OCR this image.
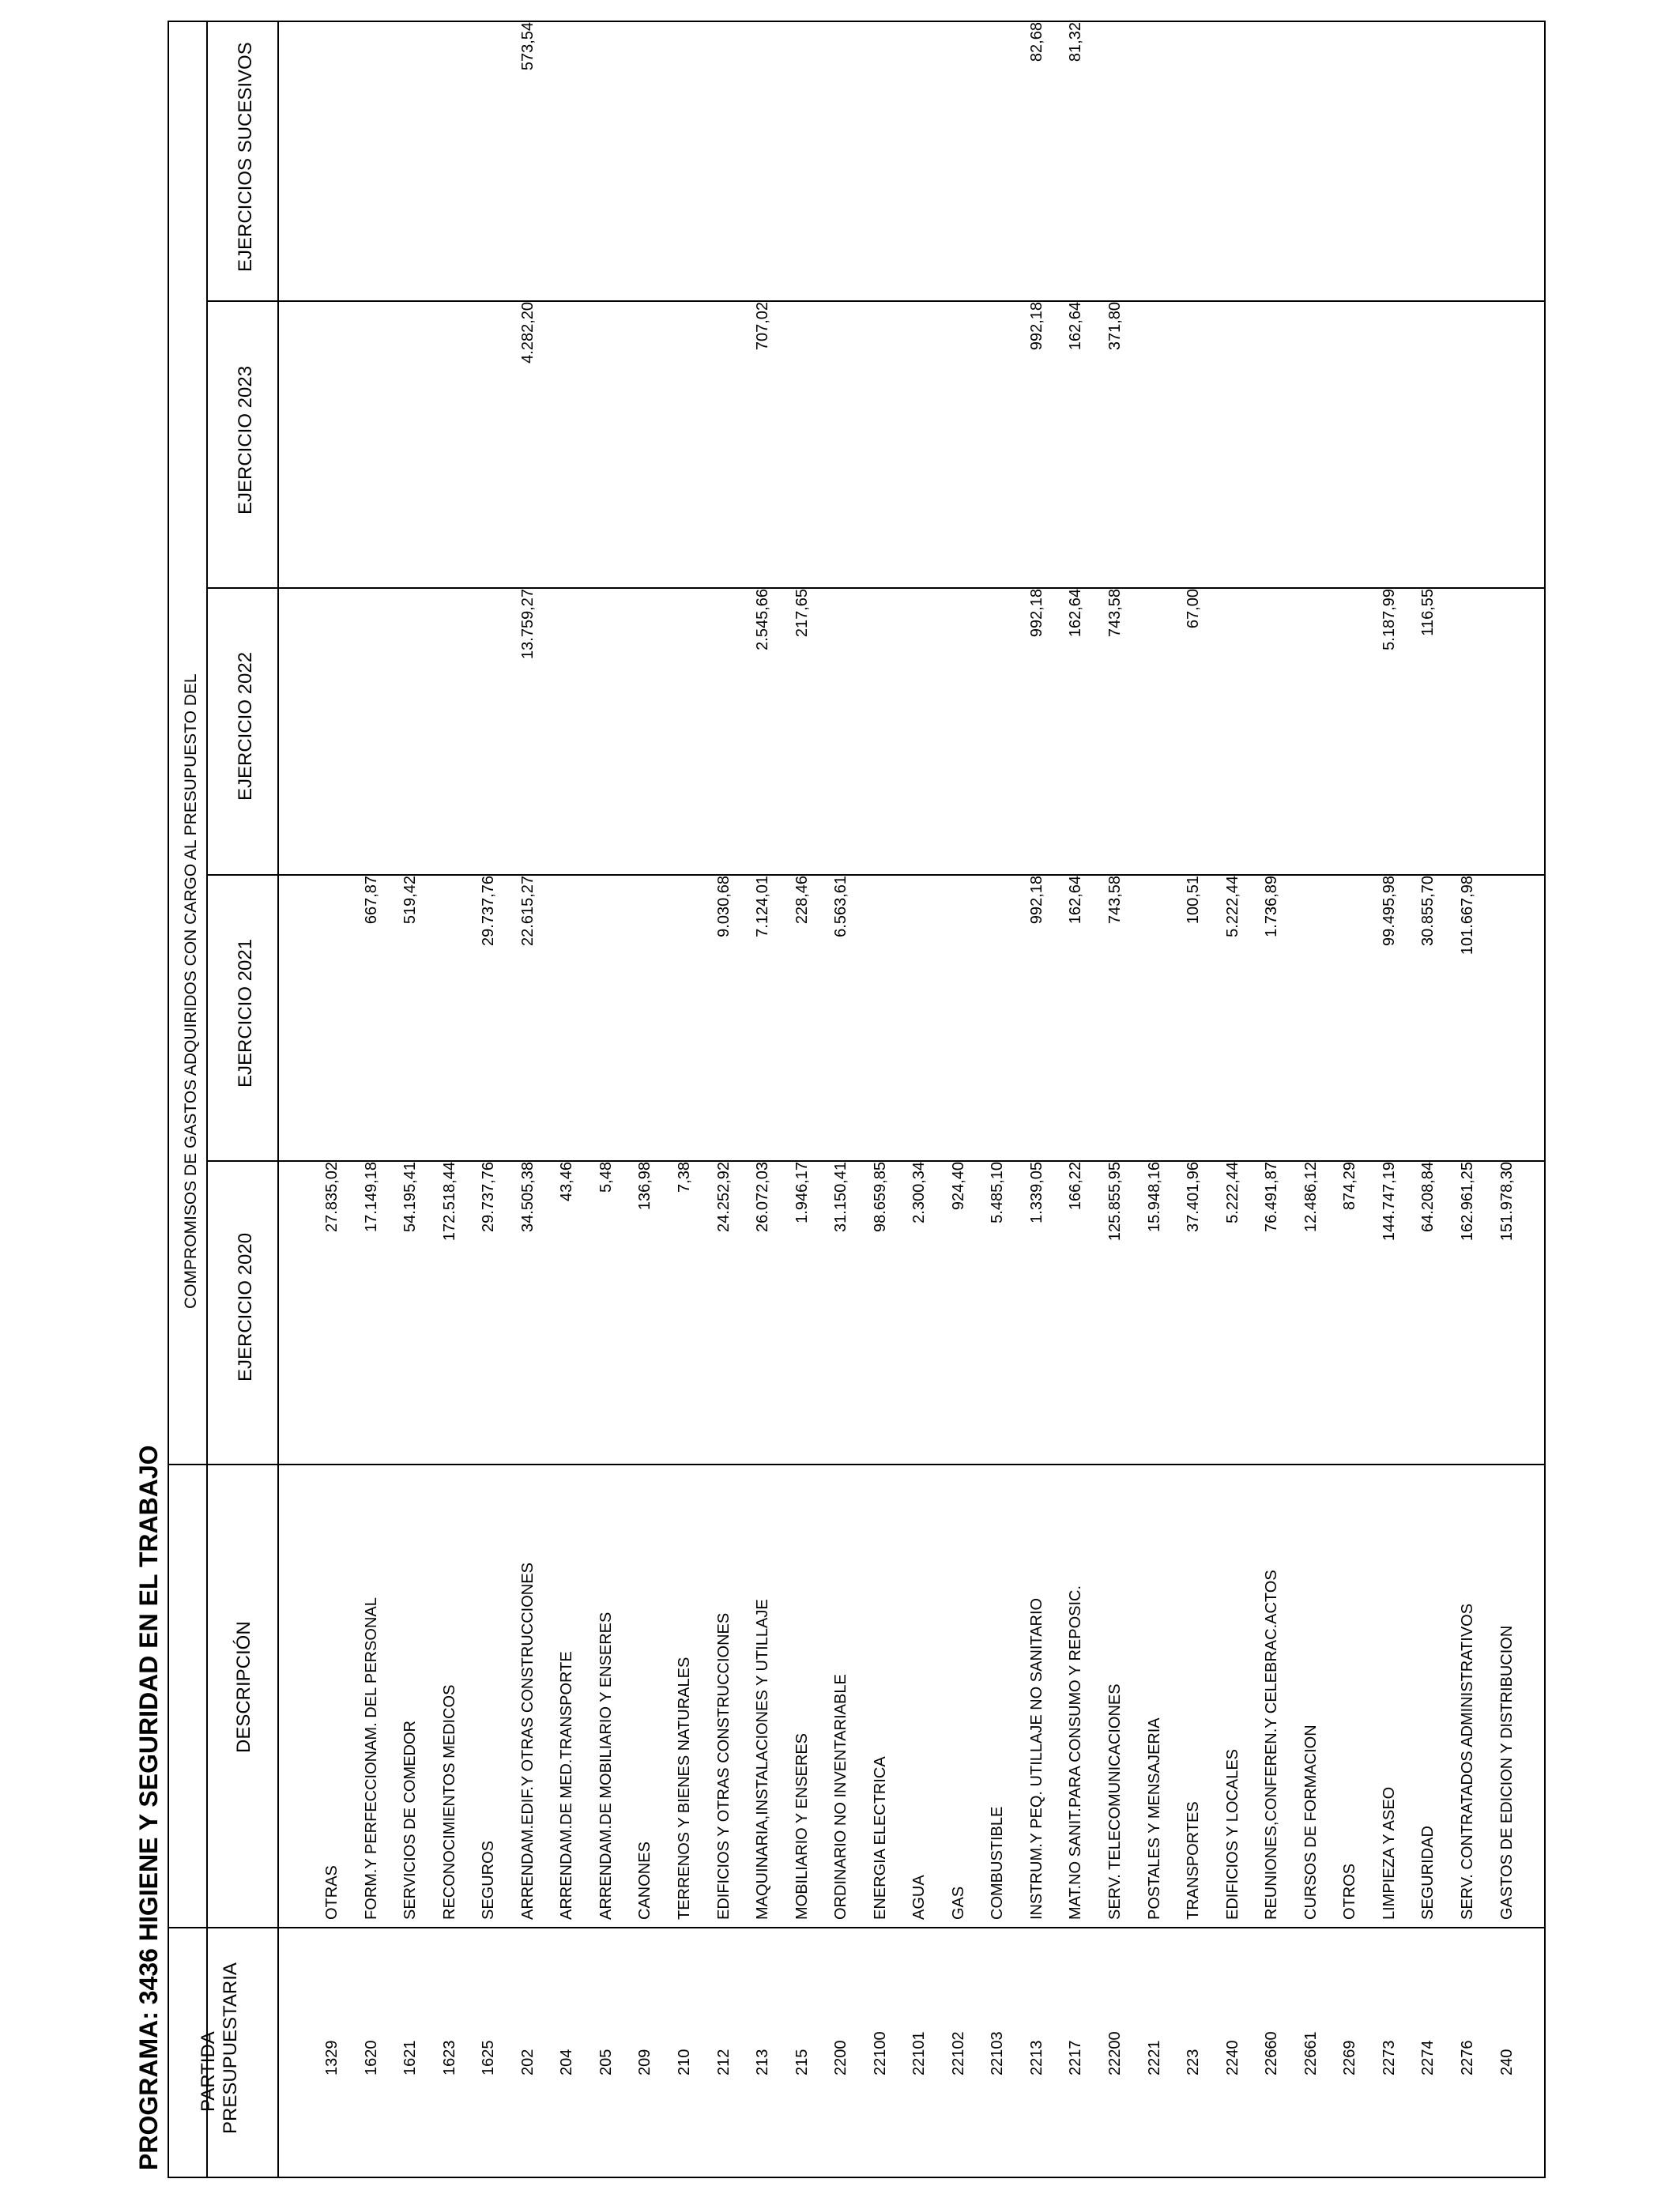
PROGRAMA: 3436 HIGIENE Y SEGURIDAD EN EL TRABAJO PARTIDA PRESUPUESTARIA
DESCRIPCIÓN
COMPROMISOS DE GASTOS ADQUIRIDOS CON CARGO AL PRESUPUESTO DEL EJERCICIO 2020
EJERCICIO 2021
EJERCICIO 2022
EJERCICIO 2023
EJERCICIOS SUCESIVOS
1329
OTRAS
27.835,02
1620
FORM.Y PERFECCIONAM. DEL PERSONAL
17.149,18
667,87
1621
SERVICIOS DE COMEDOR
54.195,41
519,42
1623
RECONOCIMIENTOS MEDICOS
172.518,44
1625
SEGUROS
29.737,76
29.737,76
202
ARRENDAM.EDIF.Y OTRAS CONSTRUCCIONES
34.505,38
22.615,27
13.759,27
4.282,20
573,54
204
ARRENDAM.DE MED.TRANSPORTE
43,46
205
ARRENDAM.DE MOBILIARIO Y ENSERES
5,48
209
CANONES
136,98
210
TERRENOS Y BIENES NATURALES
7,38
212
EDIFICIOS Y OTRAS CONSTRUCCIONES
24.252,92
9.030,68
213
MAQUINARIA,INSTALACIONES Y UTILLAJE
26.072,03
7.124,01
2.545,66
707,02
215
MOBILIARIO Y ENSERES
1.946,17
228,46
217,65
2200
ORDINARIO NO INVENTARIABLE
31.150,41
6.563,61
22100
ENERGIA ELECTRICA
98.659,85
22101
AGUA
2.300,34
22102
GAS
924,40
22103
COMBUSTIBLE
5.485,10
2213
INSTRUM.Y PEQ. UTILLAJE NO SANITARIO
1.339,05
992,18
992,18
992,18
82,68
2217
MAT.NO SANIT.PARA CONSUMO Y REPOSIC.
166,22
162,64
162,64
162,64
81,32
22200
SERV. TELECOMUNICACIONES
125.855,95
743,58
743,58
371,80
2221
POSTALES Y MENSAJERIA
15.948,16
223
TRANSPORTES
37.401,96
100,51
67,00
2240
EDIFICIOS Y LOCALES
5.222,44
5.222,44
22660
REUNIONES,CONFEREN.Y CELEBRAC.ACTOS
76.491,87
1.736,89
22661
CURSOS DE FORMACION
12.486,12
2269
OTROS
874,29
2273
LIMPIEZA Y ASEO
144.747,19
99.495,98
5.187,99
2274
SEGURIDAD
64.208,84
30.855,70
116,55
2276
SERV. CONTRATADOS ADMINISTRATIVOS
162.961,25
101.667,98
240
GASTOS DE EDICION Y DISTRIBUCION
151.978,30
